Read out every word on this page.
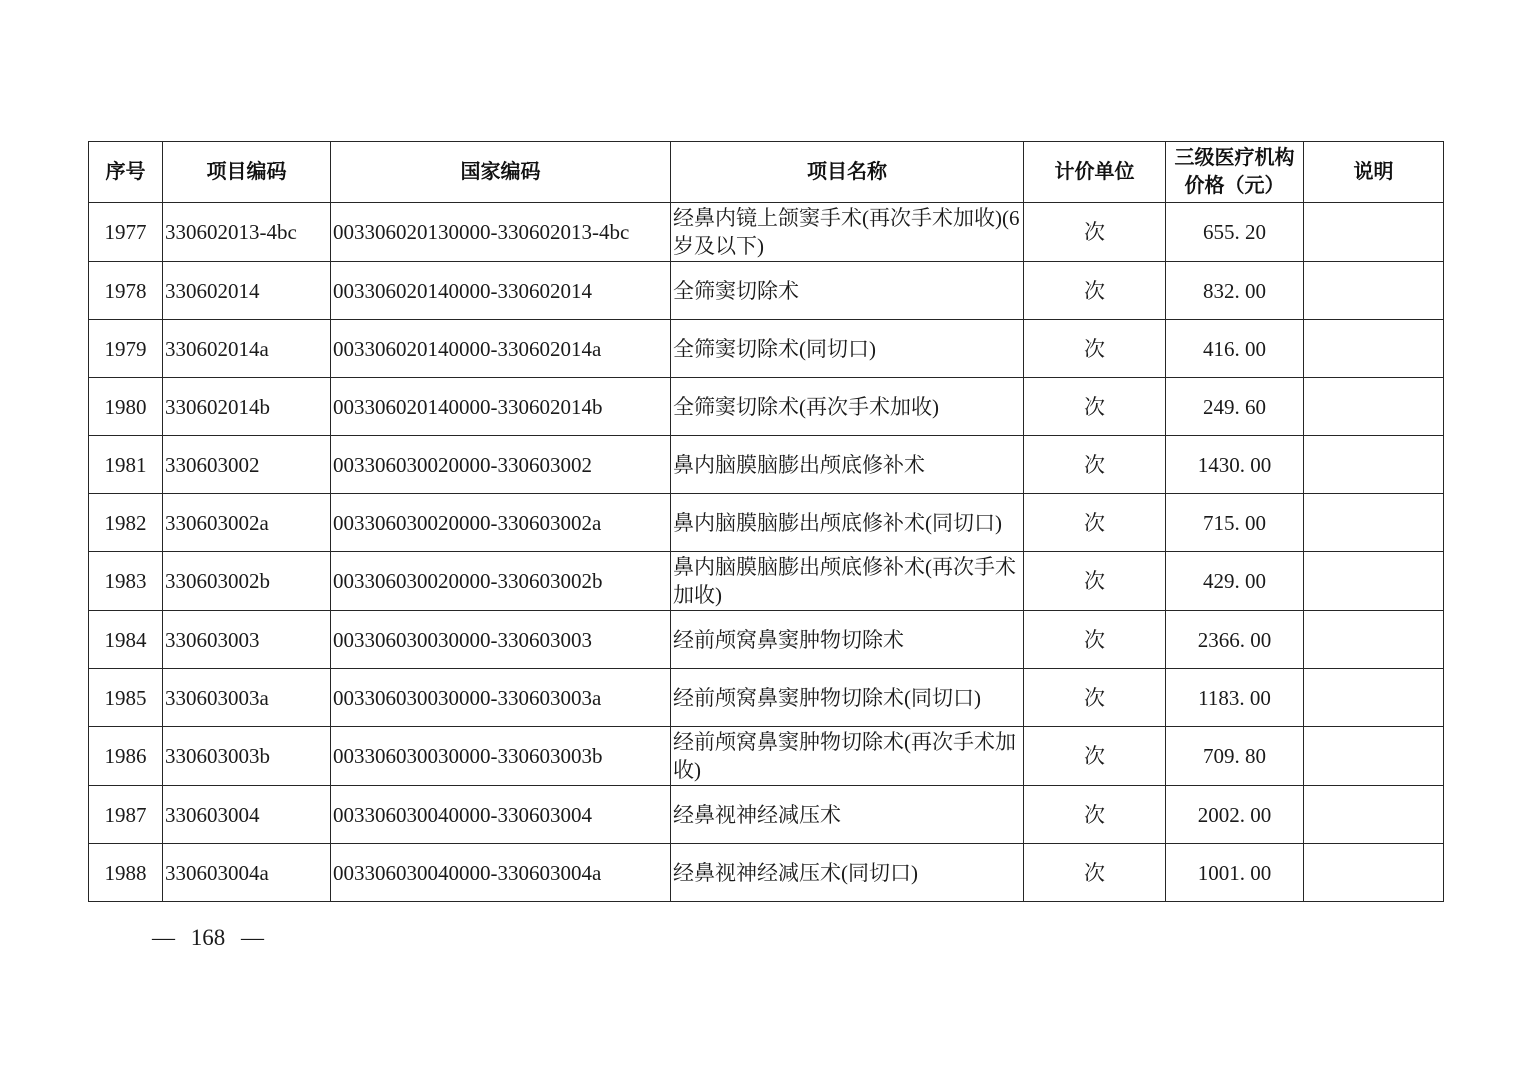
序号	项目编码	国家编码	项目名称	计价单位	三级医疗机构价格（元）	说明
1977	330602013-4bc	003306020130000-330602013-4bc	经鼻内镜上颌窦手术(再次手术加收)(6岁及以下)	次	655. 20	
1978	330602014	003306020140000-330602014	全筛窦切除术	次	832. 00	
1979	330602014a	003306020140000-330602014a	全筛窦切除术(同切口)	次	416. 00	
1980	330602014b	003306020140000-330602014b	全筛窦切除术(再次手术加收)	次	249. 60	
1981	330603002	003306030020000-330603002	鼻内脑膜脑膨出颅底修补术	次	1430. 00	
1982	330603002a	003306030020000-330603002a	鼻内脑膜脑膨出颅底修补术(同切口)	次	715. 00	
1983	330603002b	003306030020000-330603002b	鼻内脑膜脑膨出颅底修补术(再次手术加收)	次	429. 00	
1984	330603003	003306030030000-330603003	经前颅窝鼻窦肿物切除术	次	2366. 00	
1985	330603003a	003306030030000-330603003a	经前颅窝鼻窦肿物切除术(同切口)	次	1183. 00	
1986	330603003b	003306030030000-330603003b	经前颅窝鼻窦肿物切除术(再次手术加收)	次	709. 80	
1987	330603004	003306030040000-330603004	经鼻视神经减压术	次	2002. 00	
1988	330603004a	003306030040000-330603004a	经鼻视神经减压术(同切口)	次	1001. 00	
— 168 —
